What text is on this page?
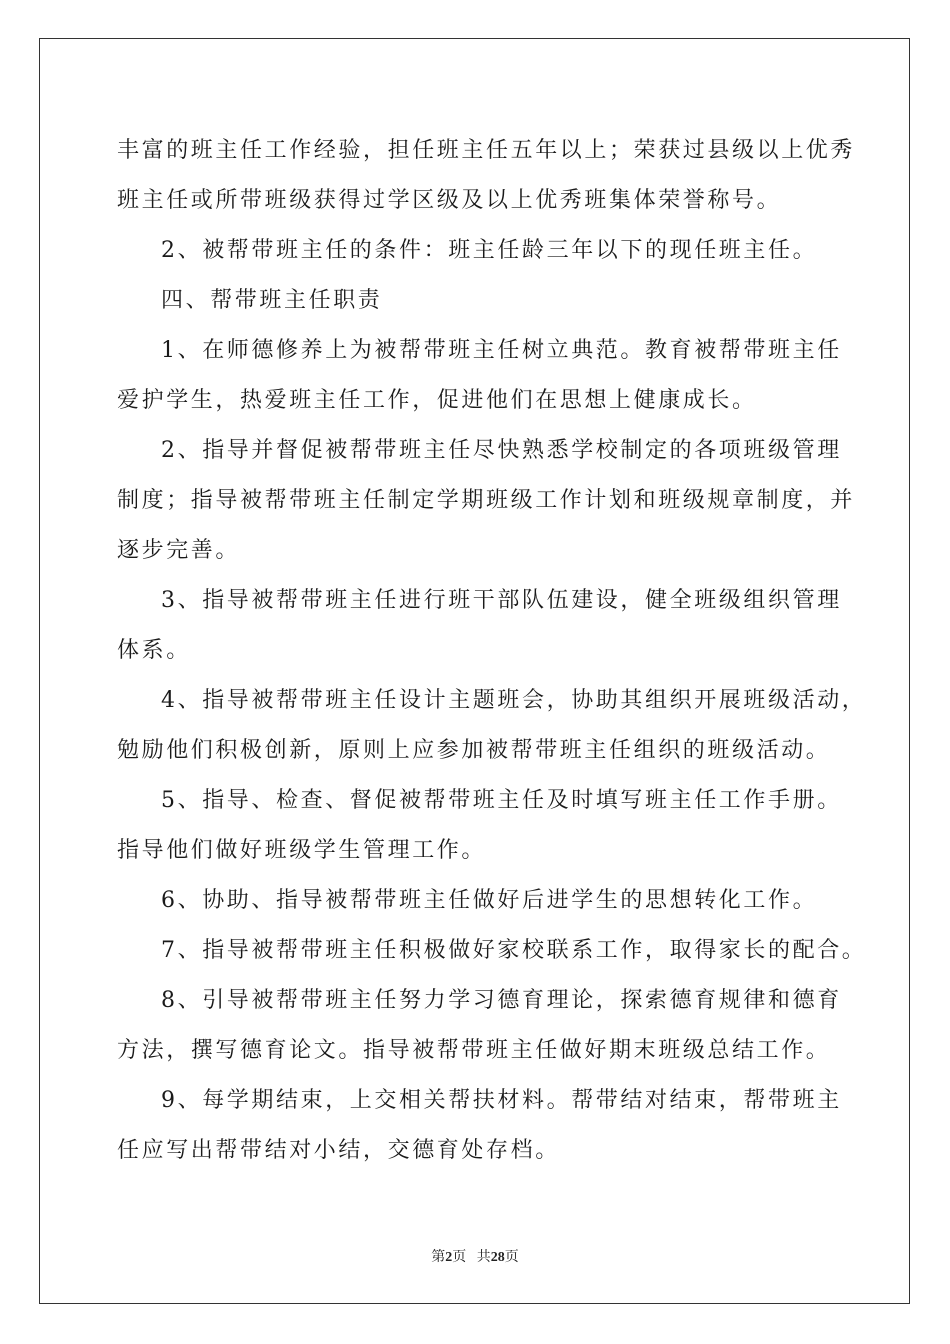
丰富的班主任工作经验，担任班主任五年以上；荣获过县级以上优秀
班主任或所带班级获得过学区级及以上优秀班集体荣誉称号。
2、被帮带班主任的条件：班主任龄三年以下的现任班主任。
四、帮带班主任职责
1、在师德修养上为被帮带班主任树立典范。教育被帮带班主任
爱护学生，热爱班主任工作，促进他们在思想上健康成长。
2、指导并督促被帮带班主任尽快熟悉学校制定的各项班级管理
制度；指导被帮带班主任制定学期班级工作计划和班级规章制度，并
逐步完善。
3、指导被帮带班主任进行班干部队伍建设，健全班级组织管理
体系。
4、指导被帮带班主任设计主题班会，协助其组织开展班级活动，
勉励他们积极创新，原则上应参加被帮带班主任组织的班级活动。
5、指导、检查、督促被帮带班主任及时填写班主任工作手册。
指导他们做好班级学生管理工作。
6、协助、指导被帮带班主任做好后进学生的思想转化工作。
7、指导被帮带班主任积极做好家校联系工作，取得家长的配合。
8、引导被帮带班主任努力学习德育理论，探索德育规律和德育
方法，撰写德育论文。指导被帮带班主任做好期末班级总结工作。
9、每学期结束，上交相关帮扶材料。帮带结对结束，帮带班主
任应写出帮带结对小结，交德育处存档。
第2页 共28页
